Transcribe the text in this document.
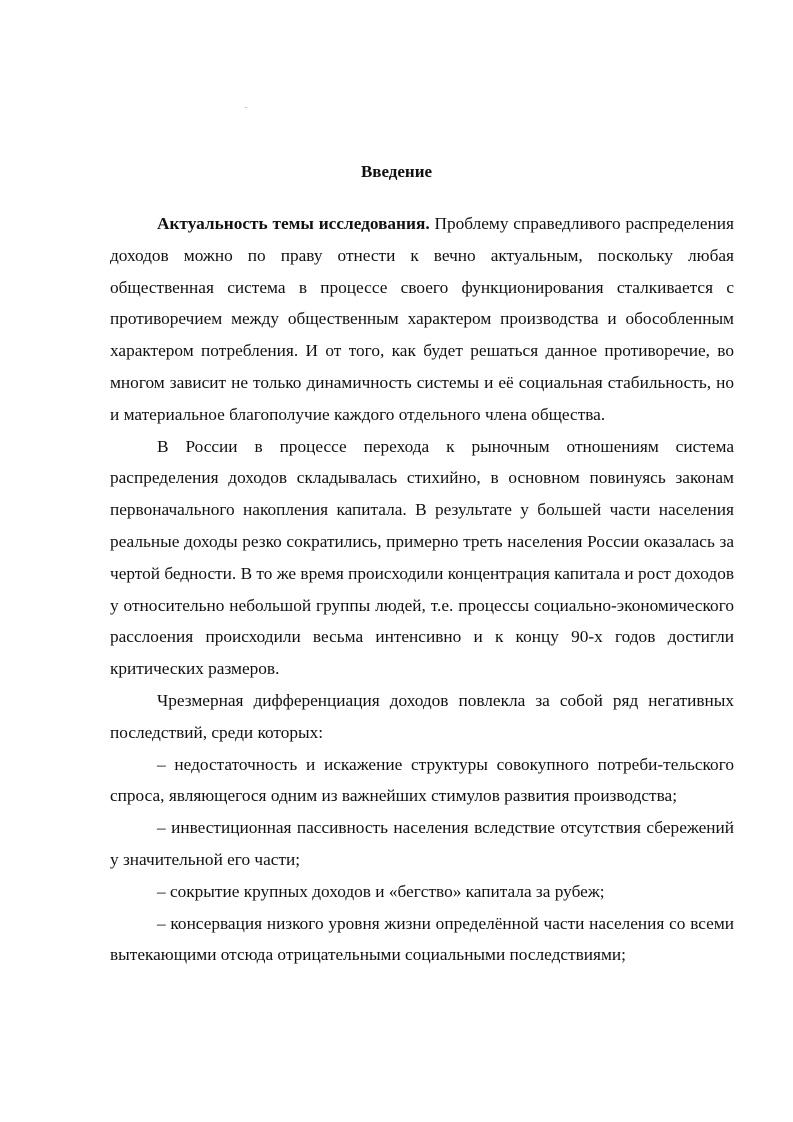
Введение

Актуальность темы исследования. Проблему справедливого распределения доходов можно по праву отнести к вечно актуальным, поскольку любая общественная система в процессе своего функционирования сталкивается с противоречием между общественным характером производства и обособленным характером потребления. И от того, как будет решаться данное противоречие, во многом зависит не только динамичность системы и её социальная стабильность, но и материальное благополучие каждого отдельного члена общества.

В России в процессе перехода к рыночным отношениям система распределения доходов складывалась стихийно, в основном повинуясь законам первоначального накопления капитала. В результате у большей части населения реальные доходы резко сократились, примерно треть населения России оказалась за чертой бедности. В то же время происходили концентрация капитала и рост доходов у относительно небольшой группы людей, т.е. процессы социально-экономического расслоения происходили весьма интенсивно и к концу 90-х годов достигли критических размеров.

Чрезмерная дифференциация доходов повлекла за собой ряд негативных последствий, среди которых:

– недостаточность и искажение структуры совокупного потреби-тельского спроса, являющегося одним из важнейших стимулов развития производства;

– инвестиционная пассивность населения вследствие отсутствия сбережений у значительной его части;

– сокрытие крупных доходов и «бегство» капитала за рубеж;

– консервация низкого уровня жизни определённой части населения со всеми вытекающими отсюда отрицательными социальными последствиями;
